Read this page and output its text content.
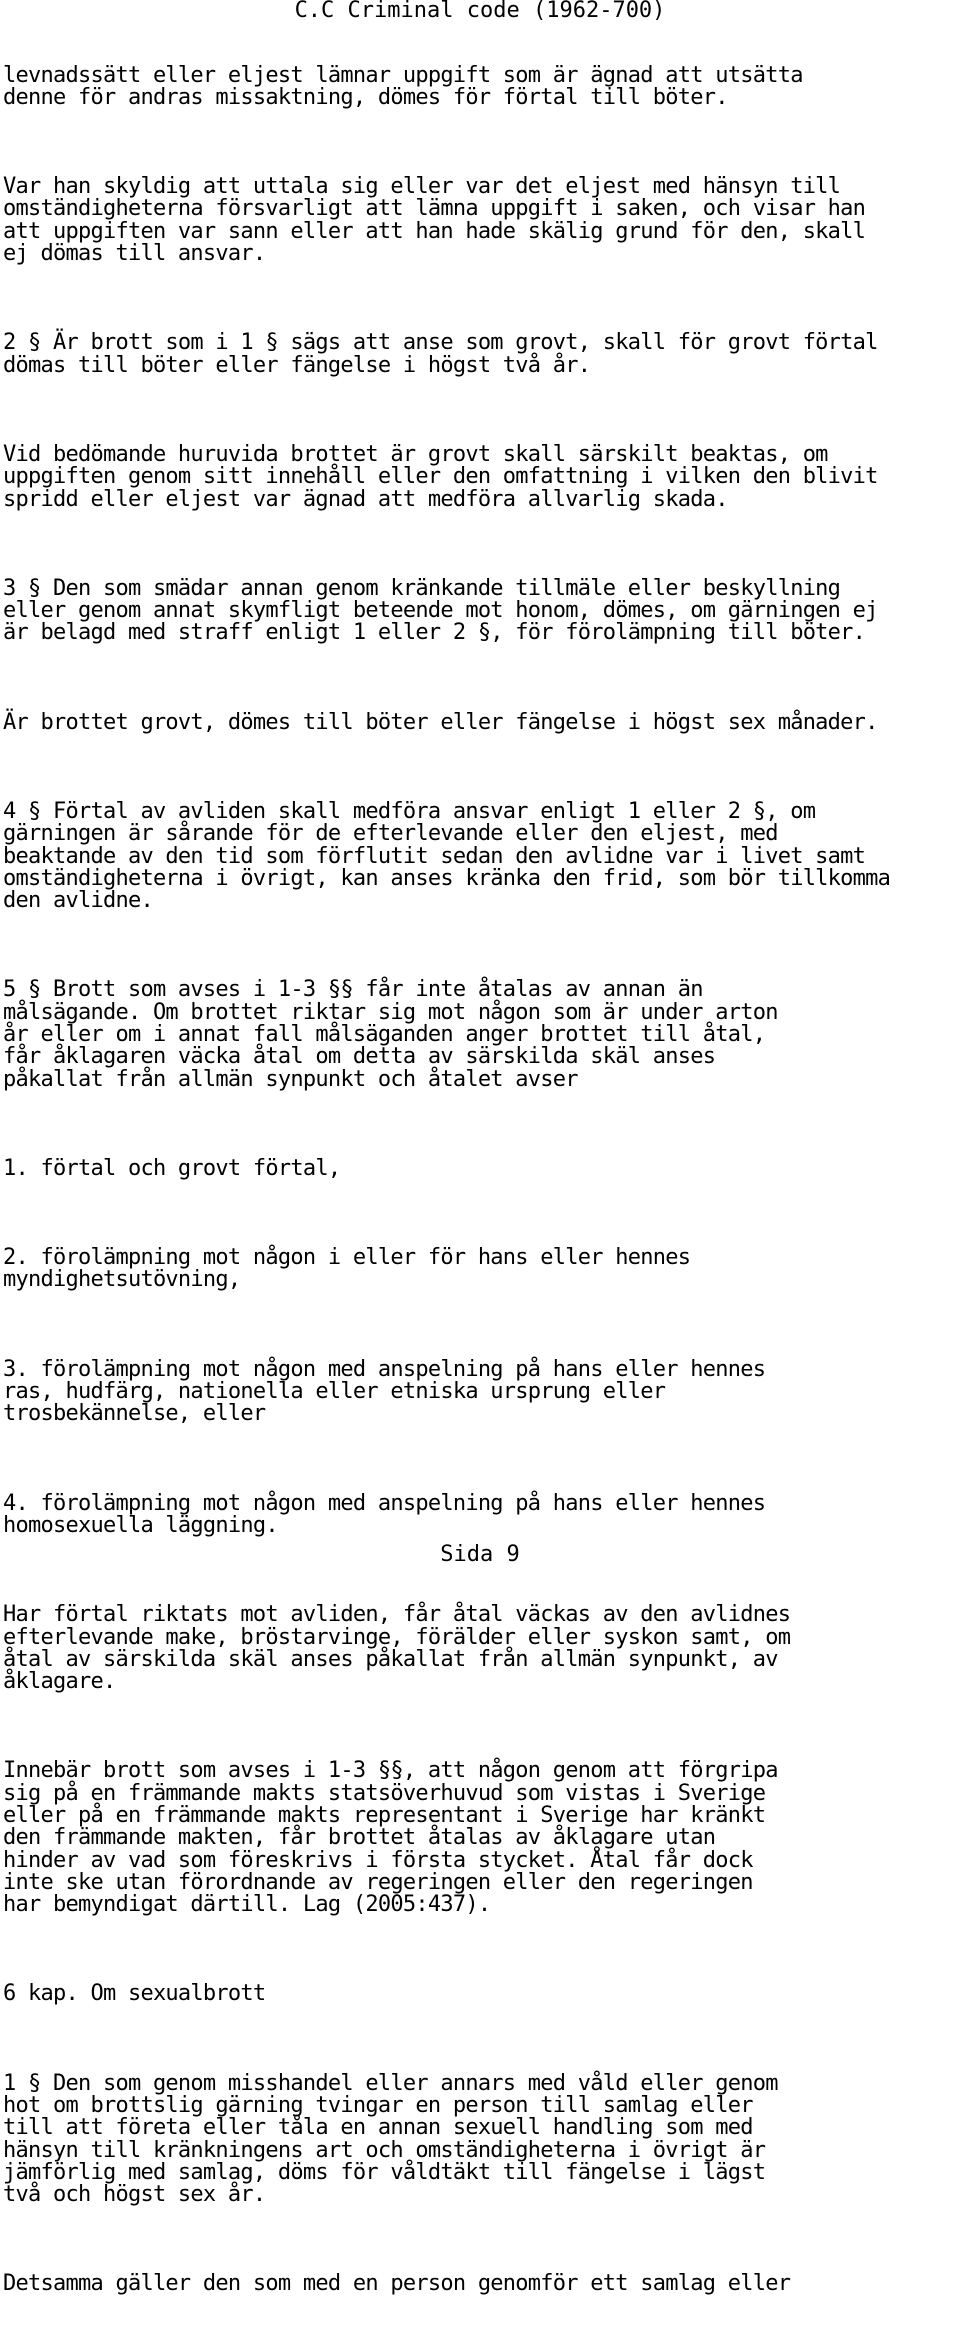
C.C Criminal code (1962-700)

levnadssätt eller eljest lämnar uppgift som är ägnad att utsätta
denne för andras missaktning, dömes för förtal till böter.

Var han skyldig att uttala sig eller var det eljest med hänsyn till
omständigheterna försvarligt att lämna uppgift i saken, och visar han
att uppgiften var sann eller att han hade skälig grund för den, skall
ej dömas till ansvar.

2 § Är brott som i 1 § sägs att anse som grovt, skall för grovt förtal
dömas till böter eller fängelse i högst två år.

Vid bedömande huruvida brottet är grovt skall särskilt beaktas, om
uppgiften genom sitt innehåll eller den omfattning i vilken den blivit
spridd eller eljest var ägnad att medföra allvarlig skada.

3 § Den som smädar annan genom kränkande tillmäle eller beskyllning
eller genom annat skymfligt beteende mot honom, dömes, om gärningen ej
är belagd med straff enligt 1 eller 2 §, för förolämpning till böter.

Är brottet grovt, dömes till böter eller fängelse i högst sex månader.

4 § Förtal av avliden skall medföra ansvar enligt 1 eller 2 §, om
gärningen är sårande för de efterlevande eller den eljest, med
beaktande av den tid som förflutit sedan den avlidne var i livet samt
omständigheterna i övrigt, kan anses kränka den frid, som bör tillkomma
den avlidne.

5 § Brott som avses i 1-3 §§ får inte åtalas av annan än
målsägande. Om brottet riktar sig mot någon som är under arton
år eller om i annat fall målsäganden anger brottet till åtal,
får åklagaren väcka åtal om detta av särskilda skäl anses
påkallat från allmän synpunkt och åtalet avser

1. förtal och grovt förtal,

2. förolämpning mot någon i eller för hans eller hennes
myndighetsutövning,

3. förolämpning mot någon med anspelning på hans eller hennes
ras, hudfärg, nationella eller etniska ursprung eller
trosbekännelse, eller

4. förolämpning mot någon med anspelning på hans eller hennes
homosexuella läggning.

Har förtal riktats mot avliden, får åtal väckas av den avlidnes
efterlevande make, bröstarvinge, förälder eller syskon samt, om
åtal av särskilda skäl anses påkallat från allmän synpunkt, av
åklagare.

Innebär brott som avses i 1-3 §§, att någon genom att förgripa
sig på en främmande makts statsöverhuvud som vistas i Sverige
eller på en främmande makts representant i Sverige har kränkt
den främmande makten, får brottet åtalas av åklagare utan
hinder av vad som föreskrivs i första stycket. Åtal får dock
inte ske utan förordnande av regeringen eller den regeringen
har bemyndigat därtill. Lag (2005:437).

6 kap. Om sexualbrott

1 § Den som genom misshandel eller annars med våld eller genom
hot om brottslig gärning tvingar en person till samlag eller
till att företa eller tåla en annan sexuell handling som med
hänsyn till kränkningens art och omständigheterna i övrigt är
jämförlig med samlag, döms för våldtäkt till fängelse i lägst
två och högst sex år.

Detsamma gäller den som med en person genomför ett samlag eller

Sida 9
